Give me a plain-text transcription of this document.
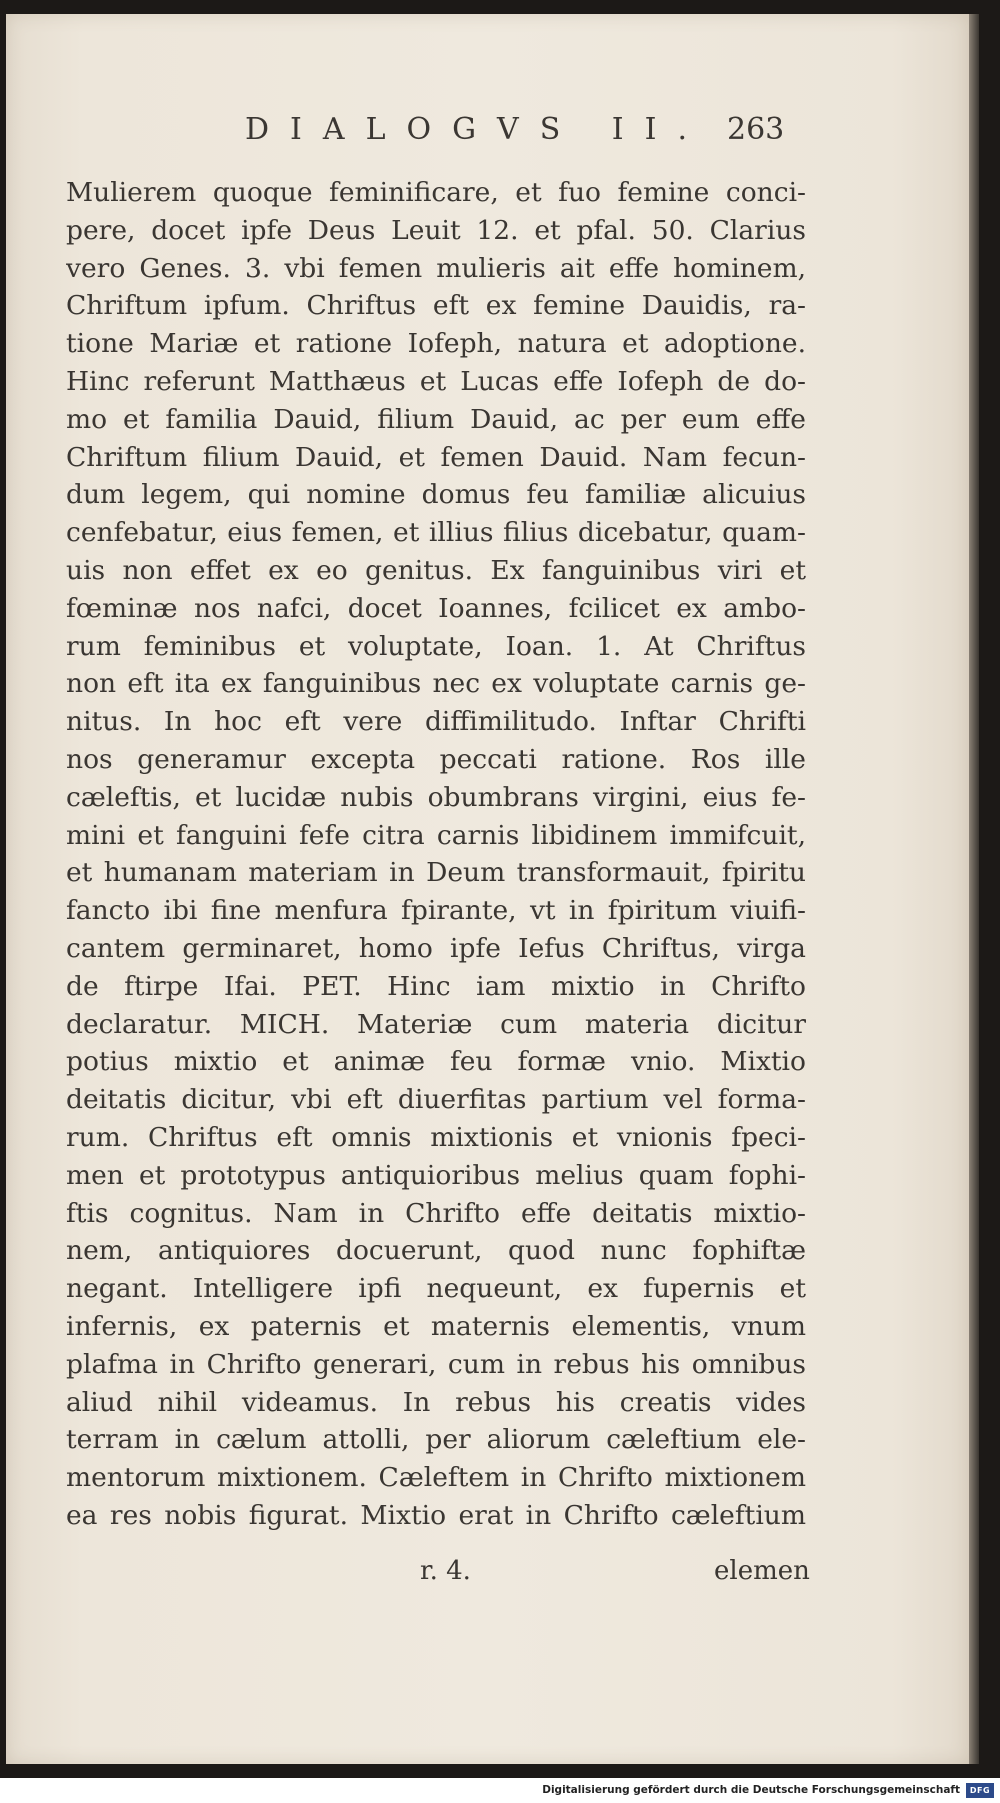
DIALOGVS II. 263
Mulierem quoque feminificare, et fuo femine conci-
pere, docet ipfe Deus Leuit 12. et pfal. 50. Clarius
vero Genes. 3. vbi femen mulieris ait effe hominem,
Chriftum ipfum. Chriftus eft ex femine Dauidis, ra-
tione Mariæ et ratione Iofeph, natura et adoptione.
Hinc referunt Matthæus et Lucas effe Iofeph de do-
mo et familia Dauid, filium Dauid, ac per eum effe
Chriftum filium Dauid, et femen Dauid. Nam fecun-
dum legem, qui nomine domus feu familiæ alicuius
cenfebatur, eius femen, et illius filius dicebatur, quam-
uis non effet ex eo genitus. Ex fanguinibus viri et
fœminæ nos nafci, docet Ioannes, fcilicet ex ambo-
rum feminibus et voluptate, Ioan. 1. At Chriftus
non eft ita ex fanguinibus nec ex voluptate carnis ge-
nitus. In hoc eft vere diffimilitudo. Inftar Chrifti
nos generamur excepta peccati ratione. Ros ille
cæleftis, et lucidæ nubis obumbrans virgini, eius fe-
mini et fanguini fefe citra carnis libidinem immifcuit,
et humanam materiam in Deum transformauit, fpiritu
fancto ibi fine menfura fpirante, vt in fpiritum viuifi-
cantem germinaret, homo ipfe Iefus Chriftus, virga
de ftirpe Ifai. PET. Hinc iam mixtio in Chrifto
declaratur. MICH. Materiæ cum materia dicitur
potius mixtio et animæ feu formæ vnio. Mixtio
deitatis dicitur, vbi eft diuerfitas partium vel forma-
rum. Chriftus eft omnis mixtionis et vnionis fpeci-
men et prototypus antiquioribus melius quam fophi-
ftis cognitus. Nam in Chrifto effe deitatis mixtio-
nem, antiquiores docuerunt, quod nunc fophiftæ
negant. Intelligere ipfi nequeunt, ex fupernis et
infernis, ex paternis et maternis elementis, vnum
plafma in Chrifto generari, cum in rebus his omnibus
aliud nihil videamus. In rebus his creatis vides
terram in cælum attolli, per aliorum cæleftium ele-
mentorum mixtionem. Cæleftem in Chrifto mixtionem
ea res nobis figurat. Mixtio erat in Chrifto cæleftium
r. 4.	elemen
Digitalisierung gefördert durch die Deutsche Forschungsgemeinschaft	DFG
